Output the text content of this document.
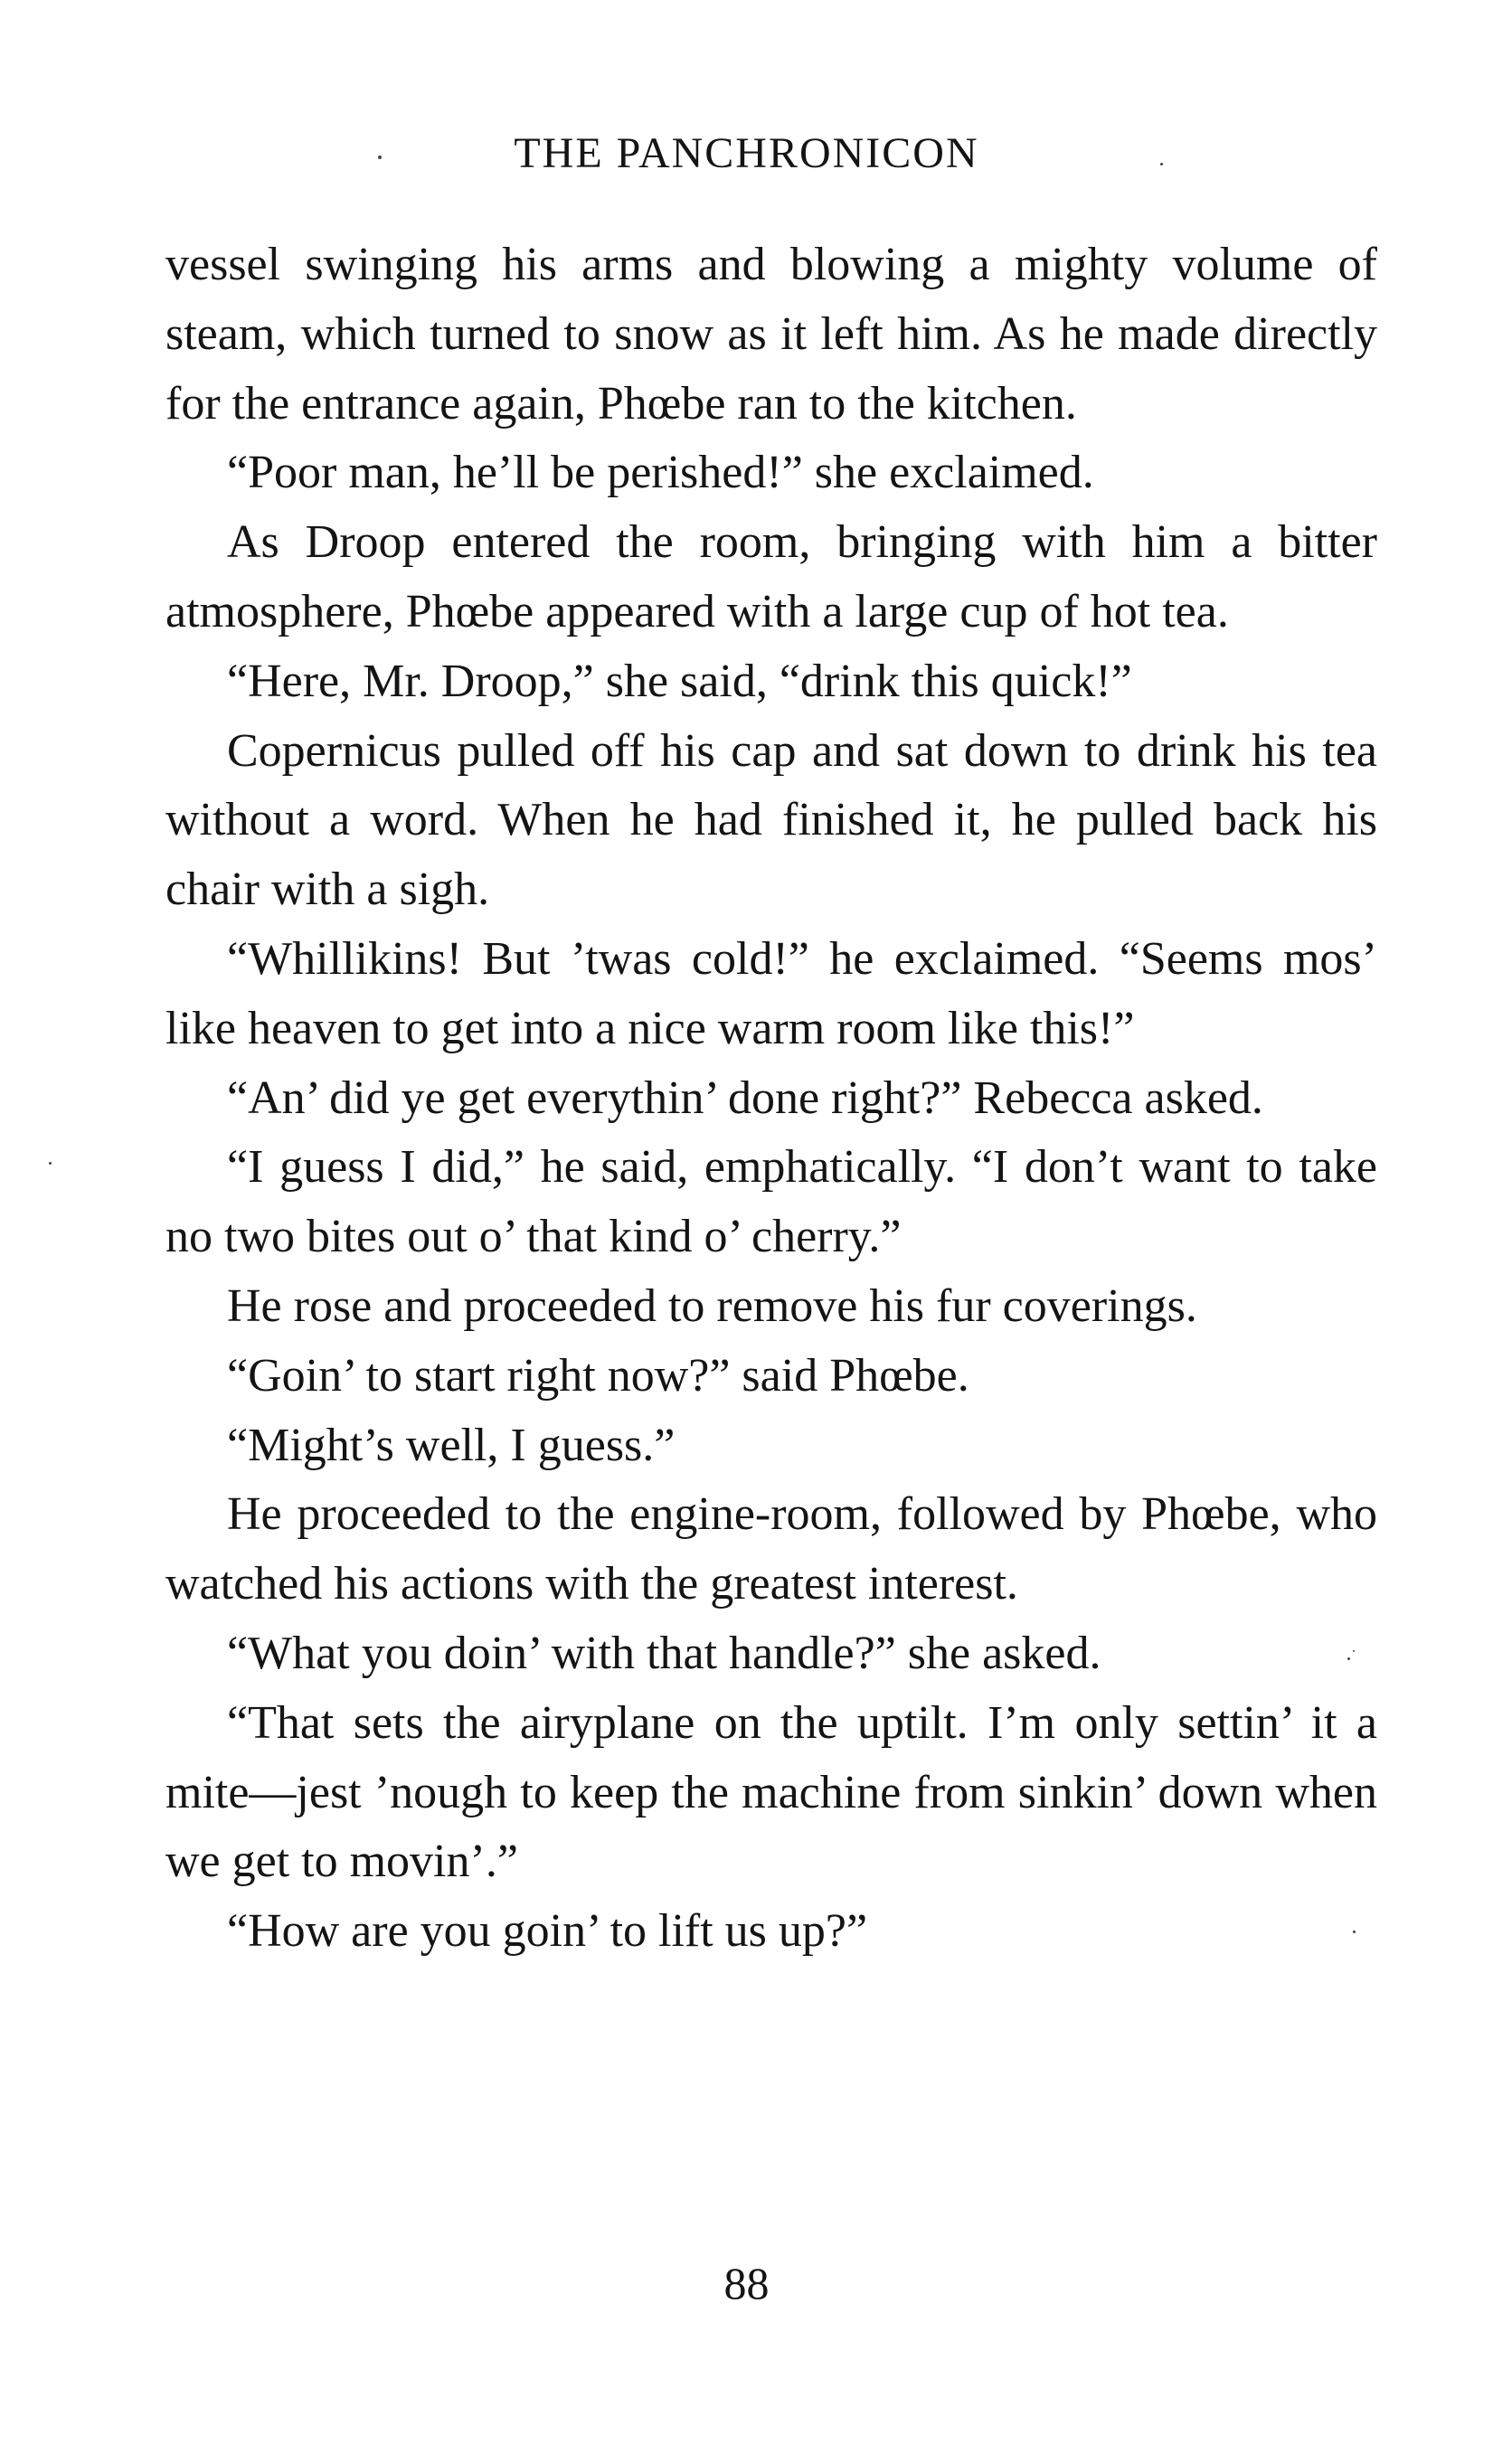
THE PANCHRONICON

vessel swinging his arms and blowing a mighty volume of steam, which turned to snow as it left him. As he made directly for the entrance again, Phœbe ran to the kitchen.

“Poor man, he’ll be perished!” she exclaimed.

As Droop entered the room, bringing with him a bitter atmosphere, Phœbe appeared with a large cup of hot tea.

“Here, Mr. Droop,” she said, “drink this quick!”

Copernicus pulled off his cap and sat down to drink his tea without a word. When he had finished it, he pulled back his chair with a sigh.

“Whillikins! But ’twas cold!” he exclaimed. “Seems mos’ like heaven to get into a nice warm room like this!”

“An’ did ye get everythin’ done right?” Rebecca asked.

“I guess I did,” he said, emphatically. “I don’t want to take no two bites out o’ that kind o’ cherry.”

He rose and proceeded to remove his fur coverings.

“Goin’ to start right now?” said Phœbe.

“Might’s well, I guess.”

He proceeded to the engine-room, followed by Phœbe, who watched his actions with the greatest interest.

“What you doin’ with that handle?” she asked.

“That sets the airyplane on the uptilt. I’m only settin’ it a mite—jest ’nough to keep the machine from sinkin’ down when we get to movin’.”

“How are you goin’ to lift us up?”

88
